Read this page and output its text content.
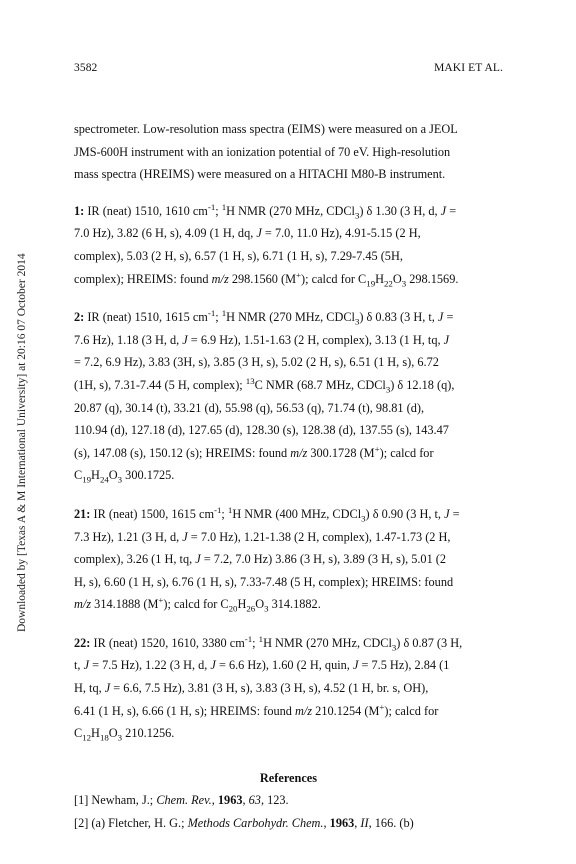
3582	MAKI ET AL.
Downloaded by [Texas A & M International University] at 20:16 07 October 2014

spectrometer. Low-resolution mass spectra (EIMS) were measured on a JEOL

JMS-600H instrument with an ionization potential of 70 eV. High-resolution

mass spectra (HREIMS) were measured on a HITACHI M80-B instrument.

1: IR (neat) 1510, 1610 $cm^{-1}$; $^1$H NMR (270 MHz, CDCl$_3$) δ 1.30 (3 H, d, J =

7.0 Hz), 3.82 (6 H, s), 4.09 (1 H, dq, J = 7.0, 11.0 Hz), 4.91-5.15 (2 H,

complex), 5.03 (2 H, s), 6.57 (1 H, s), 6.71 (1 H, s), 7.29-7.45 (5H,

complex); HREIMS: found m/z 298.1560 (M+); calcd for $C_{19}H_{22}O_3$ 298.1569.

2: IR (neat) 1510, 1615 $cm^{-1}$; $^1$H NMR (270 MHz, CDCl$_3$) δ 0.83 (3 H, t, J =

7.6 Hz), 1.18 (3 H, d, J = 6.9 Hz), 1.51-1.63 (2 H, complex), 3.13 (1 H, tq, J

= 7.2, 6.9 Hz), 3.83 (3H, s), 3.85 (3 H, s), 5.02 (2 H, s), 6.51 (1 H, s), 6.72

(1H, s), 7.31-7.44 (5 H, complex); $^{13}$C NMR (68.7 MHz, CDCl$_3$) δ 12.18 (q),

20.87 (q), 30.14 (t), 33.21 (d), 55.98 (q), 56.53 (q), 71.74 (t), 98.81 (d),

110.94 (d), 127.18 (d), 127.65 (d), 128.30 (s), 128.38 (d), 137.55 (s), 143.47

(s), 147.08 (s), 150.12 (s); HREIMS: found m/z 300.1728 (M+); calcd for

$C_{19}H_{24}O_3$ 300.1725.

21: IR (neat) 1500, 1615 $cm^{-1}$; $^1$H NMR (400 MHz, CDCl$_3$) δ 0.90 (3 H, t, J =

7.3 Hz), 1.21 (3 H, d, J = 7.0 Hz), 1.21-1.38 (2 H, complex), 1.47-1.73 (2 H,

complex), 3.26 (1 H, tq, J = 7.2, 7.0 Hz) 3.86 (3 H, s), 3.89 (3 H, s), 5.01 (2

H, s), 6.60 (1 H, s), 6.76 (1 H, s), 7.33-7.48 (5 H, complex); HREIMS: found

m/z 314.1888 (M+); calcd for $C_{20}H_{26}O_3$ 314.1882.

22: IR (neat) 1520, 1610, 3380 $cm^{-1}$; $^1$H NMR (270 MHz, CDCl$_3$) δ 0.87 (3 H,

t, J = 7.5 Hz), 1.22 (3 H, d, J = 6.6 Hz), 1.60 (2 H, quin, J = 7.5 Hz), 2.84 (1

H, tq, J = 6.6, 7.5 Hz), 3.81 (3 H, s), 3.83 (3 H, s), 4.52 (1 H, br. s, OH),

6.41 (1 H, s), 6.66 (1 H, s); HREIMS: found m/z 210.1254 (M+); calcd for

$C_{12}H_{18}O_3$ 210.1256.

References

[1] Newham, J.; Chem. Rev., 1963, 63, 123.

[2] (a) Fletcher, H. G.; Methods Carbohydr. Chem., 1963, II, 166. (b)
